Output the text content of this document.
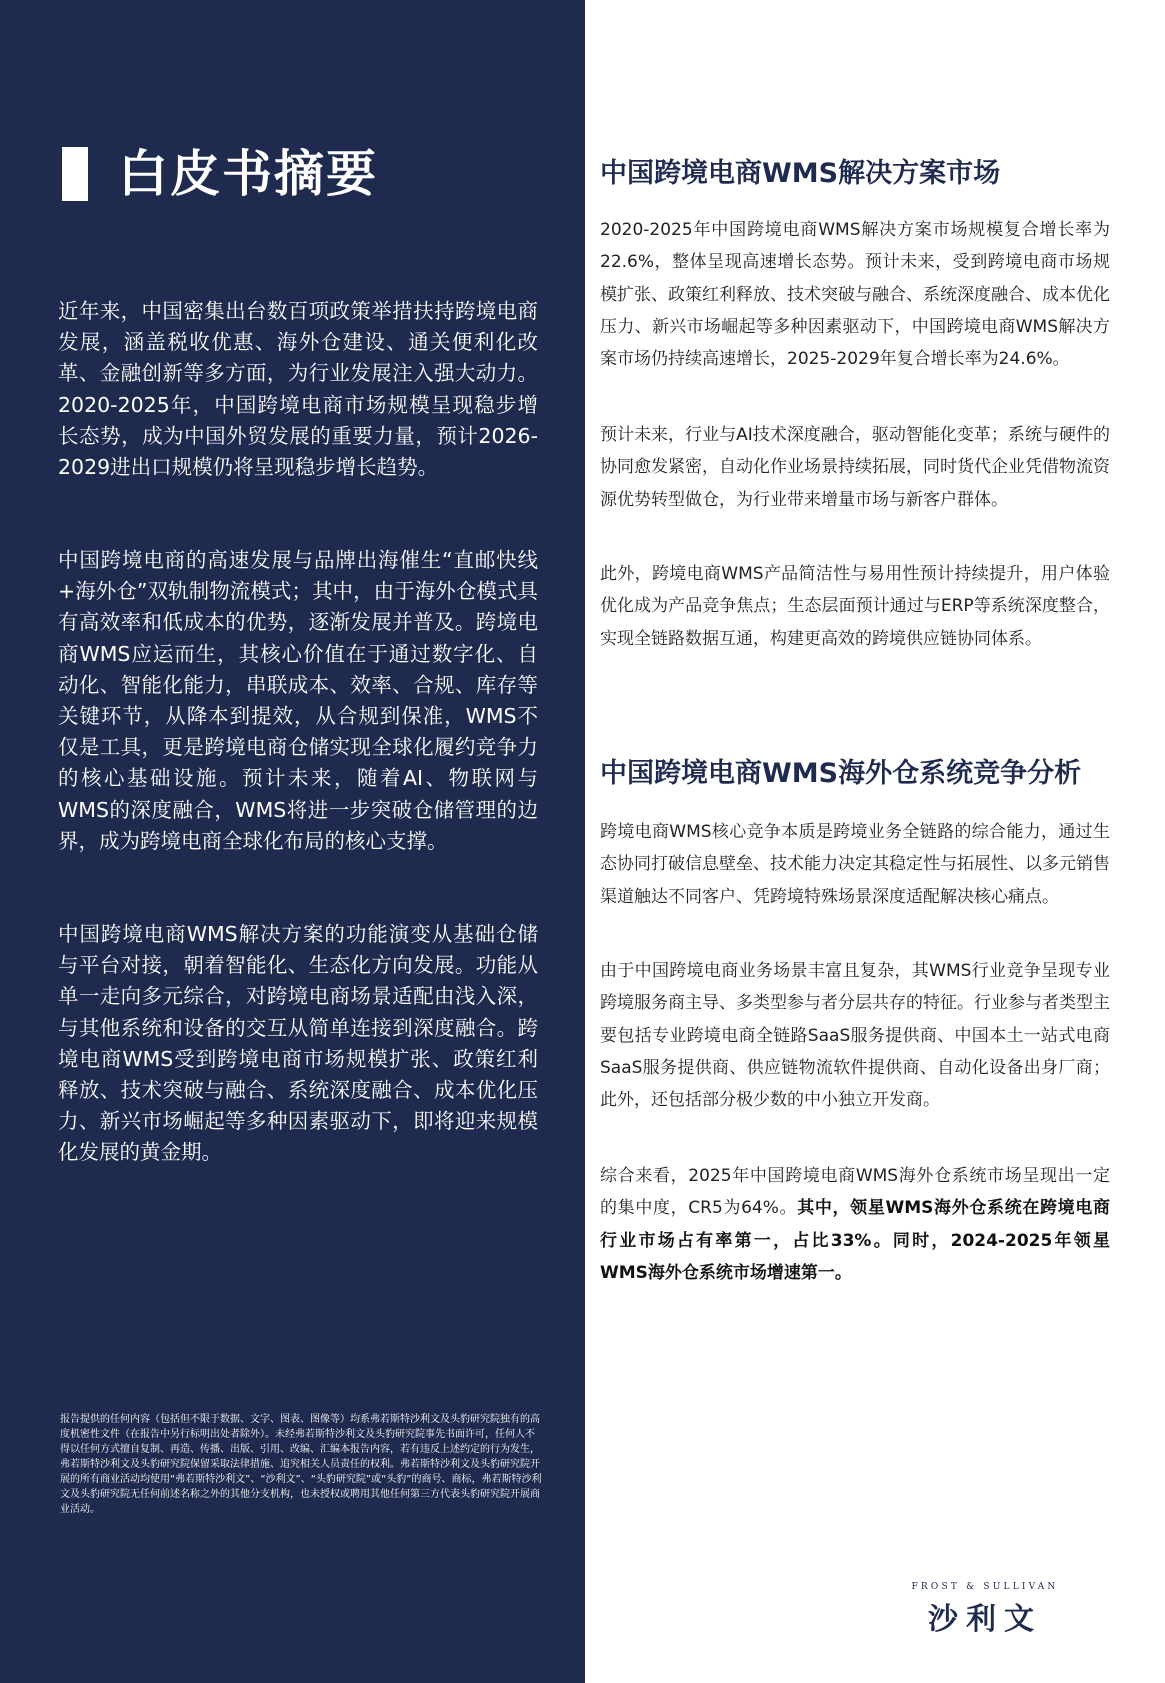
白皮书摘要

近年来，中国密集出台数百项政策举措扶持跨境电商发展，涵盖税收优惠、海外仓建设、通关便利化改革、金融创新等多方面，为行业发展注入强大动力。2020-2025年，中国跨境电商市场规模呈现稳步增长态势，成为中国外贸发展的重要力量，预计2026-2029进出口规模仍将呈现稳步增长趋势。

中国跨境电商的高速发展与品牌出海催生“直邮快线+海外仓”双轨制物流模式；其中，由于海外仓模式具有高效率和低成本的优势，逐渐发展并普及。跨境电商WMS应运而生，其核心价值在于通过数字化、自动化、智能化能力，串联成本、效率、合规、库存等关键环节，从降本到提效，从合规到保准，WMS不仅是工具，更是跨境电商仓储实现全球化履约竞争力的核心基础设施。预计未来，随着AI、物联网与WMS的深度融合，WMS将进一步突破仓储管理的边界，成为跨境电商全球化布局的核心支撑。

中国跨境电商WMS解决方案的功能演变从基础仓储与平台对接，朝着智能化、生态化方向发展。功能从单一走向多元综合，对跨境电商场景适配由浅入深，与其他系统和设备的交互从简单连接到深度融合。跨境电商WMS受到跨境电商市场规模扩张、政策红利释放、技术突破与融合、系统深度融合、成本优化压力、新兴市场崛起等多种因素驱动下，即将迎来规模化发展的黄金期。

报告提供的任何内容（包括但不限于数据、文字、图表、图像等）均系弗若斯特沙利文及头豹研究院独有的高度机密性文件（在报告中另行标明出处者除外）。未经弗若斯特沙利文及头豹研究院事先书面许可，任何人不得以任何方式擅自复制、再造、传播、出版、引用、改编、汇编本报告内容，若有违反上述约定的行为发生，弗若斯特沙利文及头豹研究院保留采取法律措施、追究相关人员责任的权利。弗若斯特沙利文及头豹研究院开展的所有商业活动均使用“弗若斯特沙利文”、“沙利文”、“头豹研究院”或“头豹”的商号、商标，弗若斯特沙利文及头豹研究院无任何前述名称之外的其他分支机构，也未授权或聘用其他任何第三方代表头豹研究院开展商业活动。

中国跨境电商WMS解决方案市场

2020-2025年中国跨境电商WMS解决方案市场规模复合增长率为22.6%，整体呈现高速增长态势。预计未来，受到跨境电商市场规模扩张、政策红利释放、技术突破与融合、系统深度融合、成本优化压力、新兴市场崛起等多种因素驱动下，中国跨境电商WMS解决方案市场仍持续高速增长，2025-2029年复合增长率为24.6%。

预计未来，行业与AI技术深度融合，驱动智能化变革；系统与硬件的协同愈发紧密，自动化作业场景持续拓展，同时货代企业凭借物流资源优势转型做仓，为行业带来增量市场与新客户群体。

此外，跨境电商WMS产品简洁性与易用性预计持续提升，用户体验优化成为产品竞争焦点；生态层面预计通过与ERP等系统深度整合，实现全链路数据互通，构建更高效的跨境供应链协同体系。

中国跨境电商WMS海外仓系统竞争分析

跨境电商WMS核心竞争本质是跨境业务全链路的综合能力，通过生态协同打破信息壁垒、技术能力决定其稳定性与拓展性、以多元销售渠道触达不同客户、凭跨境特殊场景深度适配解决核心痛点。

由于中国跨境电商业务场景丰富且复杂，其WMS行业竞争呈现专业跨境服务商主导、多类型参与者分层共存的特征。行业参与者类型主要包括专业跨境电商全链路SaaS服务提供商、中国本土一站式电商SaaS服务提供商、供应链物流软件提供商、自动化设备出身厂商；此外，还包括部分极少数的中小独立开发商。

综合来看，2025年中国跨境电商WMS海外仓系统市场呈现出一定的集中度，CR5为64%。其中，领星WMS海外仓系统在跨境电商行业市场占有率第一，占比33%。同时，2024-2025年领星WMS海外仓系统市场增速第一。

FROST & SULLIVAN
沙利文
